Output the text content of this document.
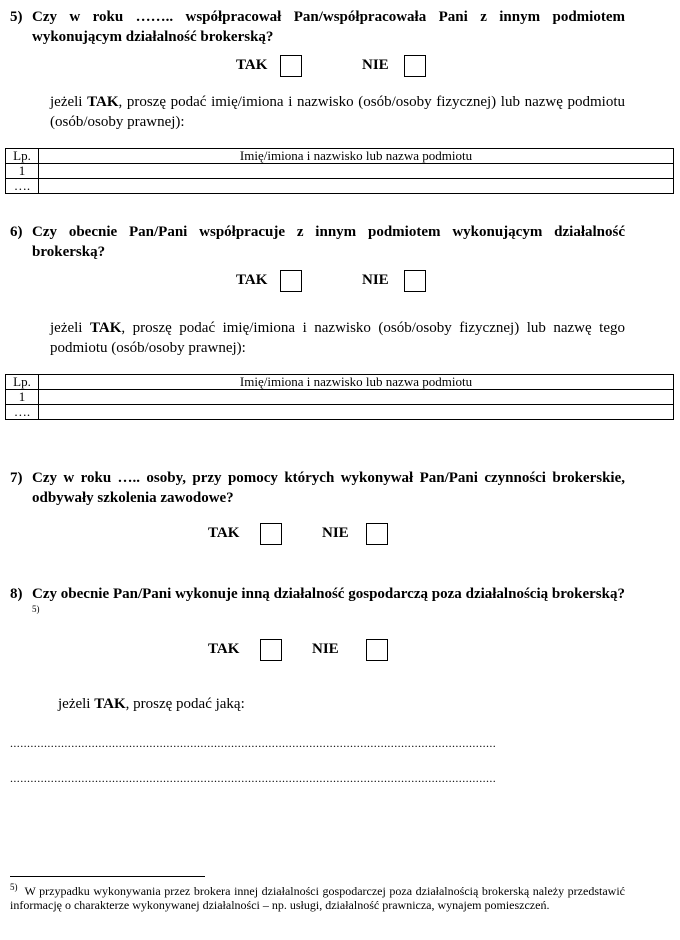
5) Czy w roku …….. współpracował Pan/współpracowała Pani z innym podmiotem wykonującym działalność brokerską?
TAK	NIE
jeżeli TAK, proszę podać imię/imiona i nazwisko (osób/osoby fizycznej) lub nazwę podmiotu (osób/osoby prawnej):
Lp.	Imię/imiona i nazwisko lub nazwa podmiotu
1	
….	
6) Czy obecnie Pan/Pani współpracuje z innym podmiotem wykonującym działalność brokerską?
TAK	NIE
jeżeli TAK, proszę podać imię/imiona i nazwisko (osób/osoby fizycznej) lub nazwę tego podmiotu (osób/osoby prawnej):
Lp.	Imię/imiona i nazwisko lub nazwa podmiotu
1	
….	
7) Czy w roku ….. osoby, przy pomocy których wykonywał Pan/Pani czynności brokerskie, odbywały szkolenia zawodowe?
TAK	NIE
8) Czy obecnie Pan/Pani wykonuje inną działalność gospodarczą poza działalnością brokerską?$^{5)}$
TAK	NIE
jeżeli TAK, proszę podać jaką:
...............................................................................................................................................
...............................................................................................................................................
$^{5)}$ W przypadku wykonywania przez brokera innej działalności gospodarczej poza działalnością brokerską należy przedstawić informację o charakterze wykonywanej działalności – np. usługi, działalność prawnicza, wynajem pomieszczeń.
